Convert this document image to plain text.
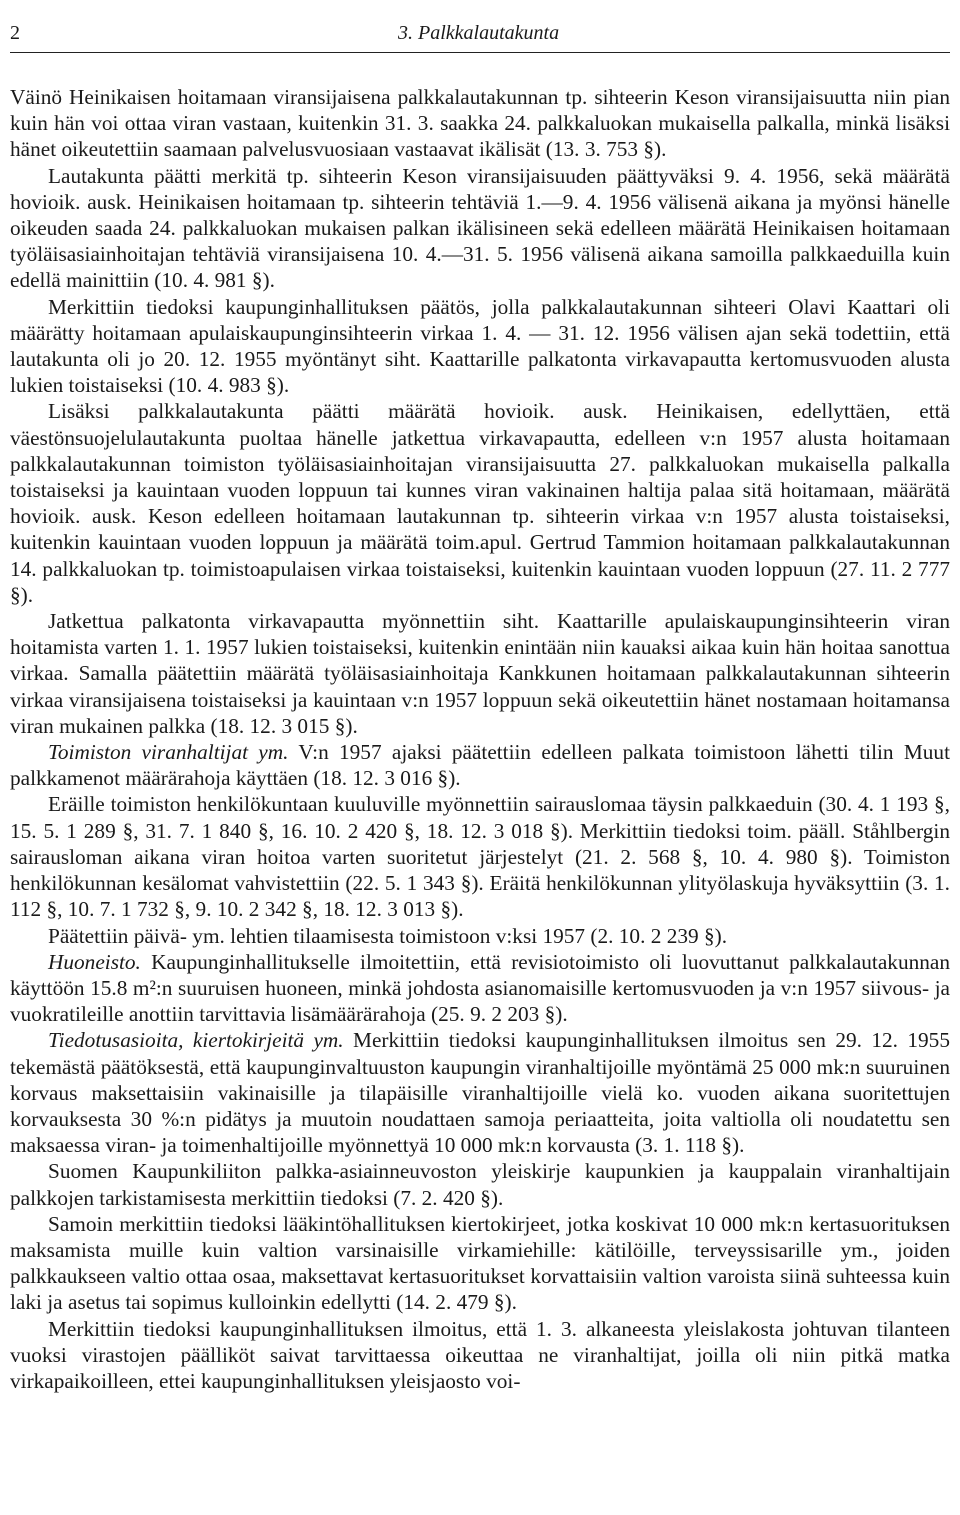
2	3. Palkkalautakunta

Väinö Heinikaisen hoitamaan viransijaisena palkkalautakunnan tp. sihteerin Keson viransijaisuutta niin pian kuin hän voi ottaa viran vastaan, kuitenkin 31. 3. saakka 24. palkkaluokan mukaisella palkalla, minkä lisäksi hänet oikeutettiin saamaan palvelusvuosiaan vastaavat ikälisät (13. 3. 753 §).

Lautakunta päätti merkitä tp. sihteerin Keson viransijaisuuden päättyväksi 9. 4. 1956, sekä määrätä hovioik. ausk. Heinikaisen hoitamaan tp. sihteerin tehtäviä 1.—9. 4. 1956 välisenä aikana ja myönsi hänelle oikeuden saada 24. palkkaluokan mukaisen palkan ikälisineen sekä edelleen määrätä Heinikaisen hoitamaan työläisasiainhoitajan tehtäviä viransijaisena 10. 4.—31. 5. 1956 välisenä aikana samoilla palkkaeduilla kuin edellä mainittiin (10. 4. 981 §).

Merkittiin tiedoksi kaupunginhallituksen päätös, jolla palkkalautakunnan sihteeri Olavi Kaattari oli määrätty hoitamaan apulaiskaupunginsihteerin virkaa 1. 4. — 31. 12. 1956 välisen ajan sekä todettiin, että lautakunta oli jo 20. 12. 1955 myöntänyt siht. Kaattarille palkatonta virkavapautta kertomusvuoden alusta lukien toistaiseksi (10. 4. 983 §).

Lisäksi palkkalautakunta päätti määrätä hovioik. ausk. Heinikaisen, edellyttäen, että väestönsuojelulautakunta puoltaa hänelle jatkettua virkavapautta, edelleen v:n 1957 alusta hoitamaan palkkalautakunnan toimiston työläisasiainhoitajan viransijaisuutta 27. palkkaluokan mukaisella palkalla toistaiseksi ja kauintaan vuoden loppuun tai kunnes viran vakinainen haltija palaa sitä hoitamaan, määrätä hovioik. ausk. Keson edelleen hoitamaan lautakunnan tp. sihteerin virkaa v:n 1957 alusta toistaiseksi, kuitenkin kauintaan vuoden loppuun ja määrätä toim.apul. Gertrud Tammion hoitamaan palkkalautakunnan 14. palkkaluokan tp. toimistoapulaisen virkaa toistaiseksi, kuitenkin kauintaan vuoden loppuun (27. 11. 2 777 §).

Jatkettua palkatonta virkavapautta myönnettiin siht. Kaattarille apulaiskaupunginsihteerin viran hoitamista varten 1. 1. 1957 lukien toistaiseksi, kuitenkin enintään niin kauaksi aikaa kuin hän hoitaa sanottua virkaa. Samalla päätettiin määrätä työläisasiainhoitaja Kankkunen hoitamaan palkkalautakunnan sihteerin virkaa viransijaisena toistaiseksi ja kauintaan v:n 1957 loppuun sekä oikeutettiin hänet nostamaan hoitamansa viran mukainen palkka (18. 12. 3 015 §).

Toimiston viranhaltijat ym. V:n 1957 ajaksi päätettiin edelleen palkata toimistoon lähetti tilin Muut palkkamenot määrärahoja käyttäen (18. 12. 3 016 §).

Eräille toimiston henkilökuntaan kuuluville myönnettiin sairauslomaa täysin palkkaeduin (30. 4. 1 193 §, 15. 5. 1 289 §, 31. 7. 1 840 §, 16. 10. 2 420 §, 18. 12. 3 018 §). Merkittiin tiedoksi toim. pääll. Ståhlbergin sairausloman aikana viran hoitoa varten suoritetut järjestelyt (21. 2. 568 §, 10. 4. 980 §). Toimiston henkilökunnan kesälomat vahvistettiin (22. 5. 1 343 §). Eräitä henkilökunnan ylityölaskuja hyväksyttiin (3. 1. 112 §, 10. 7. 1 732 §, 9. 10. 2 342 §, 18. 12. 3 013 §).

Päätettiin päivä- ym. lehtien tilaamisesta toimistoon v:ksi 1957 (2. 10. 2 239 §).

Huoneisto. Kaupunginhallitukselle ilmoitettiin, että revisiotoimisto oli luovuttanut palkkalautakunnan käyttöön 15.8 m²:n suuruisen huoneen, minkä johdosta asianomaisille kertomusvuoden ja v:n 1957 siivous- ja vuokratileille anottiin tarvittavia lisämäärärahoja (25. 9. 2 203 §).

Tiedotusasioita, kiertokirjeitä ym. Merkittiin tiedoksi kaupunginhallituksen ilmoitus sen 29. 12. 1955 tekemästä päätöksestä, että kaupunginvaltuuston kaupungin viranhaltijoille myöntämä 25 000 mk:n suuruinen korvaus maksettaisiin vakinaisille ja tilapäisille viranhaltijoille vielä ko. vuoden aikana suoritettujen korvauksesta 30 %:n pidätys ja muutoin noudattaen samoja periaatteita, joita valtiolla oli noudatettu sen maksaessa viran- ja toimenhaltijoille myönnettyä 10 000 mk:n korvausta (3. 1. 118 §).

Suomen Kaupunkiliiton palkka-asiainneuvoston yleiskirje kaupunkien ja kauppalain viranhaltijain palkkojen tarkistamisesta merkittiin tiedoksi (7. 2. 420 §).

Samoin merkittiin tiedoksi lääkintöhallituksen kiertokirjeet, jotka koskivat 10 000 mk:n kertasuorituksen maksamista muille kuin valtion varsinaisille virkamiehille: kätilöille, terveyssisarille ym., joiden palkkaukseen valtio ottaa osaa, maksettavat kertasuoritukset korvattaisiin valtion varoista siinä suhteessa kuin laki ja asetus tai sopimus kulloinkin edellytti (14. 2. 479 §).

Merkittiin tiedoksi kaupunginhallituksen ilmoitus, että 1. 3. alkaneesta yleislakosta johtuvan tilanteen vuoksi virastojen päälliköt saivat tarvittaessa oikeuttaa ne viranhaltijat, joilla oli niin pitkä matka virkapaikoilleen, ettei kaupunginhallituksen yleisjaosto voi-
